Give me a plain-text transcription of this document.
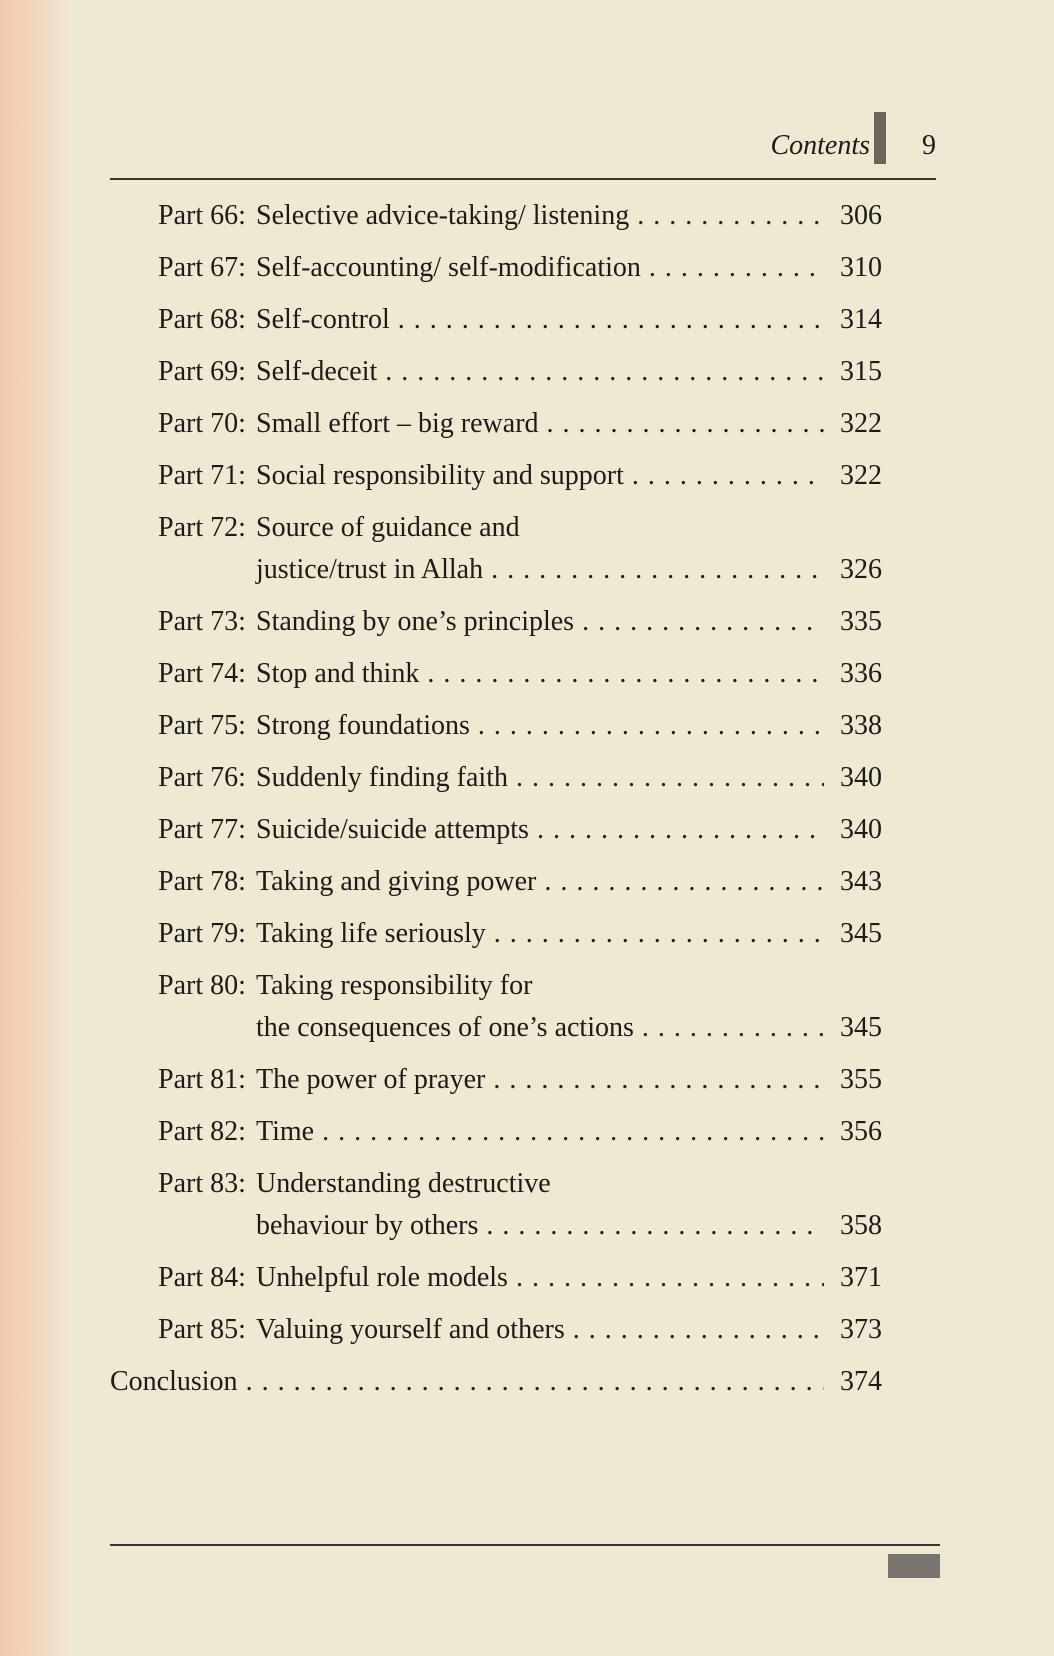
Contents 9
Part 66: Selective advice-taking/ listening . . .	306
Part 67: Self-accounting/ self-modification . . .	310
Part 68: Self-control . . .	314
Part 69: Self-deceit . . .	315
Part 70: Small effort – big reward . . .	322
Part 71: Social responsibility and support . . .	322
Part 72: Source of guidance and
justice/trust in Allah . . .	326
Part 73: Standing by one’s principles . . .	335
Part 74: Stop and think . . .	336
Part 75: Strong foundations . . .	338
Part 76: Suddenly finding faith . . .	340
Part 77: Suicide/suicide attempts . . .	340
Part 78: Taking and giving power . . .	343
Part 79: Taking life seriously . . .	345
Part 80: Taking responsibility for
the consequences of one’s actions . . .	345
Part 81: The power of prayer . . .	355
Part 82: Time . . .	356
Part 83: Understanding destructive
behaviour by others . . .	358
Part 84: Unhelpful role models . . .	371
Part 85: Valuing yourself and others . . .	373
Conclusion . . .	374
